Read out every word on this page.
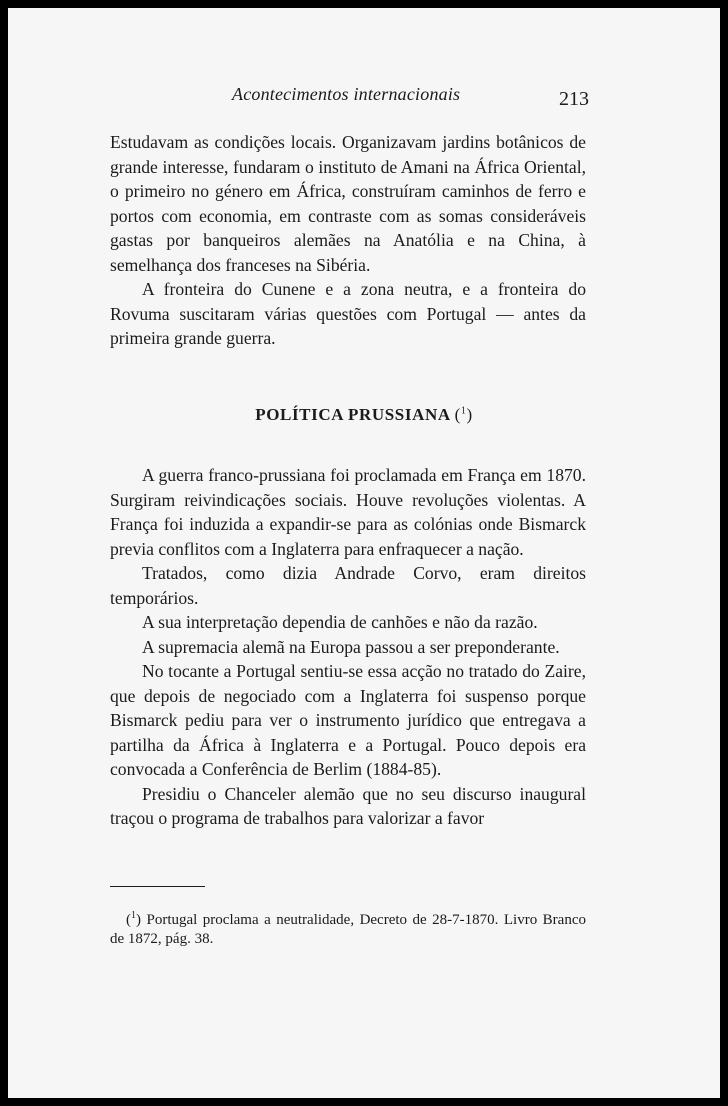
Acontecimentos internacionais	213

Estudavam as condições locais. Organizavam jardins botânicos de grande interesse, fundaram o instituto de Amani na África Oriental, o primeiro no género em África, construíram caminhos de ferro e portos com economia, em contraste com as somas consideráveis gastas por banqueiros alemães na Anatólia e na China, à semelhança dos franceses na Sibéria.

A fronteira do Cunene e a zona neutra, e a fronteira do Rovuma suscitaram várias questões com Portugal — antes da primeira grande guerra.

POLÍTICA PRUSSIANA ($^1$)

A guerra franco-prussiana foi proclamada em França em 1870. Surgiram reivindicações sociais. Houve revoluções violentas. A França foi induzida a expandir-se para as colónias onde Bismarck previa conflitos com a Inglaterra para enfraquecer a nação.

Tratados, como dizia Andrade Corvo, eram direitos temporários.

A sua interpretação dependia de canhões e não da razão.

A supremacia alemã na Europa passou a ser preponderante.

No tocante a Portugal sentiu-se essa acção no tratado do Zaire, que depois de negociado com a Inglaterra foi suspenso porque Bismarck pediu para ver o instrumento jurídico que entregava a partilha da África à Inglaterra e a Portugal. Pouco depois era convocada a Conferência de Berlim (1884-85).

Presidiu o Chanceler alemão que no seu discurso inaugural traçou o programa de trabalhos para valorizar a favor

($^1$) Portugal proclama a neutralidade, Decreto de 28-7-1870. Livro Branco de 1872, pág. 38.
